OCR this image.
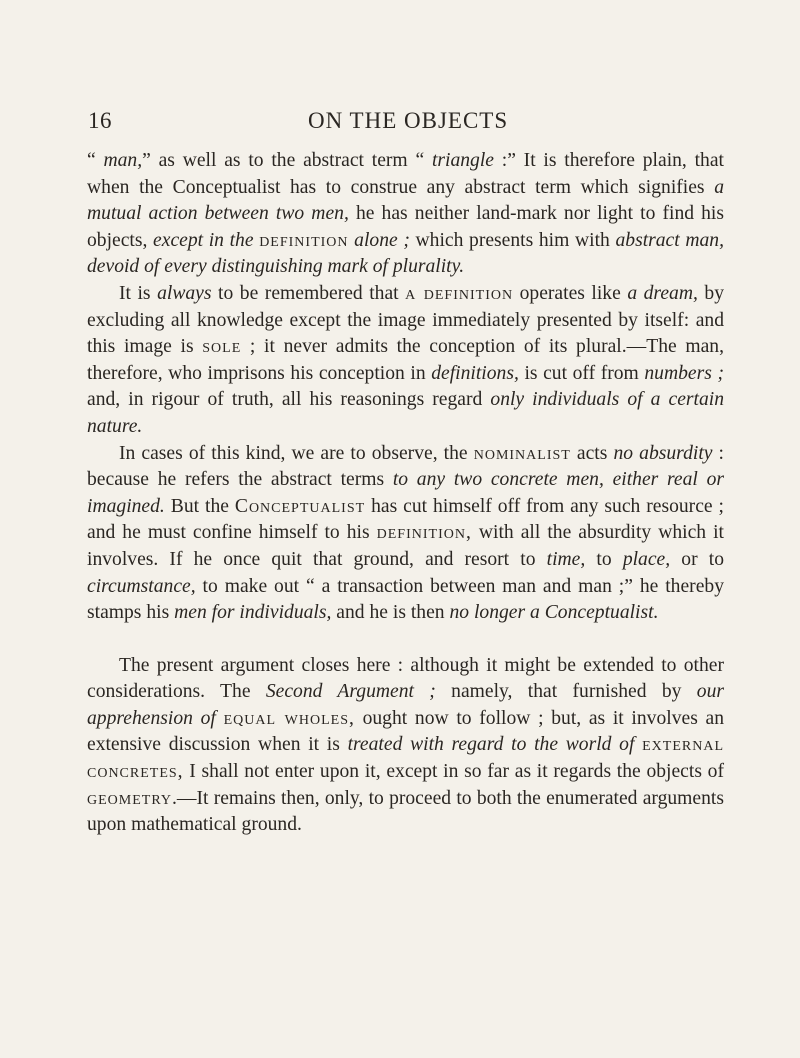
16	ON THE OBJECTS

“ man,” as well as to the abstract term “ triangle :” It is therefore plain, that when the Conceptualist has to construe any abstract term which signifies a mutual action between two men, he has neither land-mark nor light to find his objects, except in the definition alone ; which presents him with abstract man, devoid of every distinguishing mark of plurality.

It is always to be remembered that a definition operates like a dream, by excluding all knowledge except the image immediately presented by itself: and this image is sole ; it never admits the conception of its plural.—The man, therefore, who imprisons his conception in definitions, is cut off from numbers ; and, in rigour of truth, all his reasonings regard only individuals of a certain nature.

In cases of this kind, we are to observe, the nominalist acts no absurdity : because he refers the abstract terms to any two concrete men, either real or imagined. But the Conceptualist has cut himself off from any such resource ; and he must confine himself to his definition, with all the absurdity which it involves. If he once quit that ground, and resort to time, to place, or to circumstance, to make out “ a transaction between man and man ;” he thereby stamps his men for individuals, and he is then no longer a Conceptualist.

The present argument closes here : although it might be extended to other considerations. The Second Argument ; namely, that furnished by our apprehension of equal wholes, ought now to follow ; but, as it involves an extensive discussion when it is treated with regard to the world of external concretes, I shall not enter upon it, except in so far as it regards the objects of geometry.—It remains then, only, to proceed to both the enumerated arguments upon mathematical ground.
